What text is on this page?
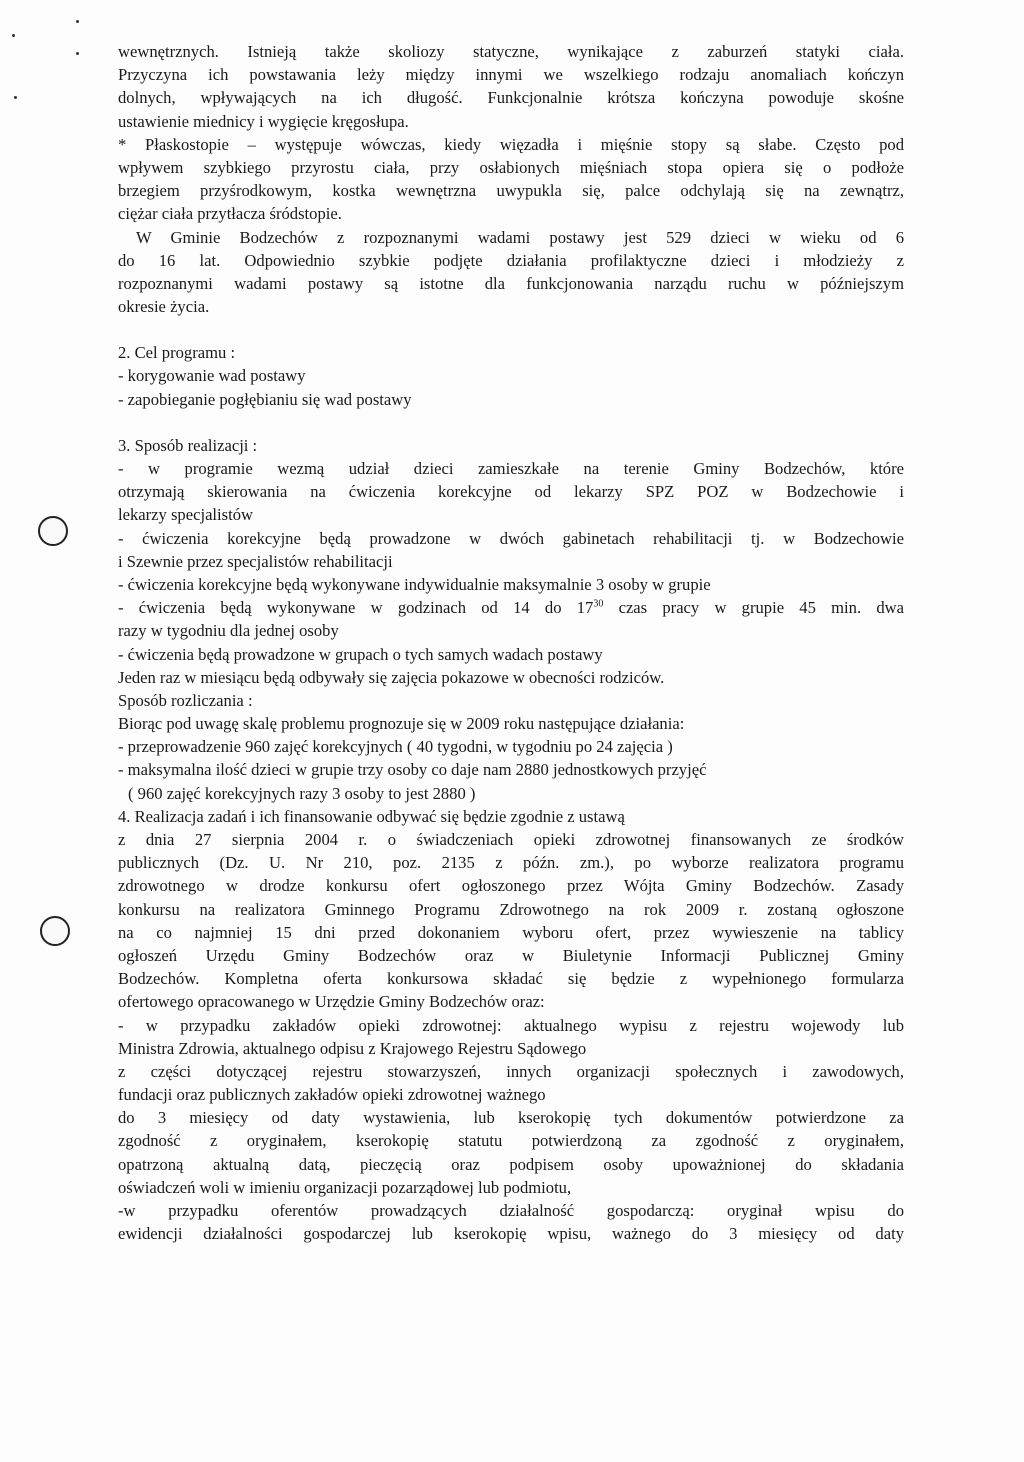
wewnętrznych. Istnieją także skoliozy statyczne, wynikające z zaburzeń statyki ciała.
Przyczyna ich powstawania leży między innymi we wszelkiego rodzaju anomaliach kończyn
dolnych, wpływających na ich długość. Funkcjonalnie krótsza kończyna powoduje skośne
ustawienie miednicy i wygięcie kręgosłupa.
* Płaskostopie – występuje wówczas, kiedy więzadła i mięśnie stopy są słabe. Często pod
wpływem szybkiego przyrostu ciała, przy osłabionych mięśniach stopa opiera się o podłoże
brzegiem przyśrodkowym, kostka wewnętrzna uwypukla się, palce odchylają się na zewnątrz,
ciężar ciała przytłacza śródstopie.
W Gminie Bodzechów z rozpoznanymi wadami postawy jest 529 dzieci w wieku od 6
do 16 lat. Odpowiednio szybkie podjęte działania profilaktyczne dzieci i młodzieży z
rozpoznanymi wadami postawy są istotne dla funkcjonowania narządu ruchu w późniejszym
okresie życia.
2. Cel programu :
- korygowanie wad postawy
- zapobieganie pogłębianiu się wad postawy
3. Sposób realizacji :
- w programie wezmą udział dzieci zamieszkałe na terenie Gminy Bodzechów, które
otrzymają skierowania na ćwiczenia korekcyjne od lekarzy SPZ POZ w Bodzechowie i
lekarzy specjalistów
- ćwiczenia korekcyjne będą prowadzone w dwóch gabinetach rehabilitacji tj. w Bodzechowie
i Szewnie przez specjalistów rehabilitacji
- ćwiczenia korekcyjne będą wykonywane indywidualnie maksymalnie 3 osoby w grupie
- ćwiczenia będą wykonywane w godzinach od 14 do $17^{30}$ czas pracy w grupie 45 min. dwa
razy w tygodniu dla jednej osoby
- ćwiczenia będą prowadzone w grupach o tych samych wadach postawy
Jeden raz w miesiącu będą odbywały się zajęcia pokazowe w obecności rodziców.
Sposób rozliczania :
Biorąc pod uwagę skalę problemu prognozuje się w 2009 roku następujące działania:
- przeprowadzenie 960 zajęć korekcyjnych ( 40 tygodni, w tygodniu po 24 zajęcia )
- maksymalna ilość dzieci w grupie trzy osoby co daje nam 2880 jednostkowych przyjęć
( 960 zajęć korekcyjnych razy 3 osoby to jest 2880 )
4. Realizacja zadań i ich finansowanie odbywać się będzie zgodnie z ustawą
z dnia 27 sierpnia 2004 r. o świadczeniach opieki zdrowotnej finansowanych ze środków
publicznych (Dz. U. Nr 210, poz. 2135 z późn. zm.), po wyborze realizatora programu
zdrowotnego w drodze konkursu ofert ogłoszonego przez Wójta Gminy Bodzechów. Zasady
konkursu na realizatora Gminnego Programu Zdrowotnego na rok 2009 r. zostaną ogłoszone
na co najmniej 15 dni przed dokonaniem wyboru ofert, przez wywieszenie na tablicy
ogłoszeń Urzędu Gminy Bodzechów oraz w Biuletynie Informacji Publicznej Gminy
Bodzechów. Kompletna oferta konkursowa składać się będzie z wypełnionego formularza
ofertowego opracowanego w Urzędzie Gminy Bodzechów oraz:
- w przypadku zakładów opieki zdrowotnej: aktualnego wypisu z rejestru wojewody lub
Ministra Zdrowia, aktualnego odpisu z Krajowego Rejestru Sądowego
z części dotyczącej rejestru stowarzyszeń, innych organizacji społecznych i zawodowych,
fundacji oraz publicznych zakładów opieki zdrowotnej ważnego
do 3 miesięcy od daty wystawienia, lub kserokopię tych dokumentów potwierdzone za
zgodność z oryginałem, kserokopię statutu potwierdzoną za zgodność z oryginałem,
opatrzoną aktualną datą, pieczęcią oraz podpisem osoby upoważnionej do składania
oświadczeń woli w imieniu organizacji pozarządowej lub podmiotu,
-w przypadku oferentów prowadzących działalność gospodarczą: oryginał wpisu do
ewidencji działalności gospodarczej lub kserokopię wpisu, ważnego do 3 miesięcy od daty
